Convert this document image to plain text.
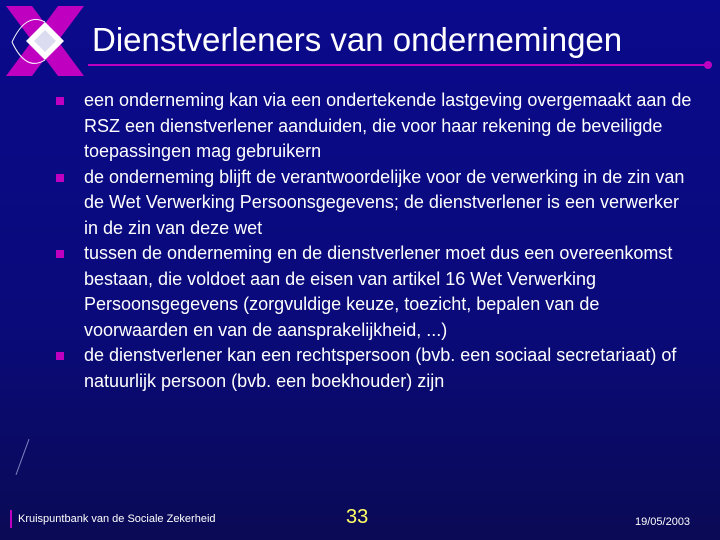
Dienstverleners van ondernemingen
een onderneming kan via een ondertekende lastgeving overgemaakt aan de RSZ een dienstverlener aanduiden, die voor haar rekening de beveiligde toepassingen mag gebruikern
de onderneming blijft de verantwoordelijke voor de verwerking in de zin van de Wet Verwerking Persoonsgegevens; de dienstverlener is een verwerker in de zin van deze wet
tussen de onderneming en de dienstverlener moet dus een overeenkomst bestaan, die voldoet aan de eisen van artikel 16 Wet Verwerking Persoonsgegevens (zorgvuldige keuze, toezicht, bepalen van de voorwaarden en van de aansprakelijkheid, ...)
de dienstverlener kan een rechtspersoon (bvb. een sociaal secretariaat) of natuurlijk persoon (bvb. een boekhouder) zijn
Kruispuntbank van de Sociale Zekerheid	33	19/05/2003
